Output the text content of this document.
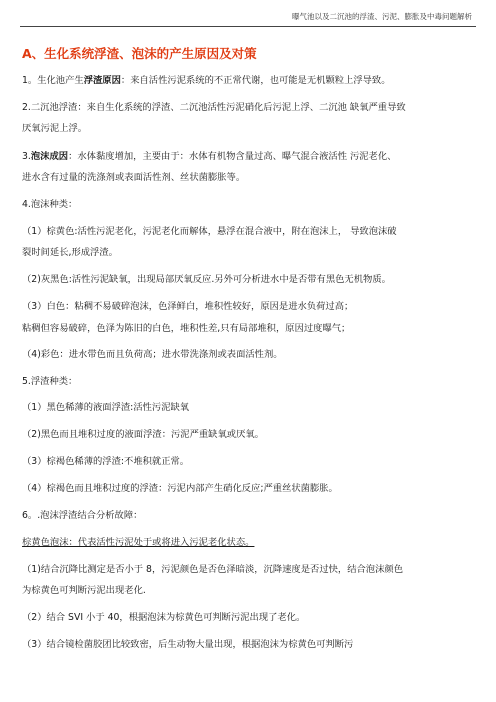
曝气池以及二沉池的浮渣、污泥、膨胀及中毒问题解析
A、生化系统浮渣、泡沫的产生原因及对策
1。生化池产生浮渣原因：来自活性污泥系统的不正常代谢，也可能是无机颗粒上浮导致。
2.二沉池浮渣：来自生化系统的浮渣、二沉池活性污泥硝化后污泥上浮、二沉池 缺氧严重导致
厌氧污泥上浮。
3.泡沫成因：水体黏度增加，主要由于：水体有机物含量过高、曝气混合液活性 污泥老化、
进水含有过量的洗涤剂或表面活性剂、丝状菌膨胀等。
4.泡沫种类：
（1）棕黄色:活性污泥老化，污泥老化而解体，悬浮在混合液中，附在泡沫上， 导致泡沫破
裂时间延长,形成浮渣。
（2)灰黑色:活性污泥缺氧，出现局部厌氧反应.另外可分析进水中是否带有黑色无机物质。
（3）白色：粘稠不易破碎泡沫，色泽鲜白，堆积性较好，原因是进水负荷过高；
粘稠但容易破碎，色泽为陈旧的白色，堆积性差,只有局部堆积，原因过度曝气；
（4)彩色：进水带色而且负荷高；进水带洗涤剂或表面活性剂。
5.浮渣种类：
（1）黑色稀薄的液面浮渣:活性污泥缺氧
（2)黑色而且堆积过度的液面浮渣：污泥严重缺氧或厌氧。
（3）棕褐色稀薄的浮渣:不堆积就正常。
（4）棕褐色而且堆积过度的浮渣：污泥内部产生硝化反应;严重丝状菌膨胀。
6。.泡沫浮渣结合分析故障：
棕黄色泡沫：代表活性污泥处于或将进入污泥老化状态。
（1)结合沉降比测定是否小于 8，污泥颜色是否色泽暗淡，沉降速度是否过快，结合泡沫颜色
为棕黄色可判断污泥出现老化.
（2）结合 SVI 小于 40，根据泡沫为棕黄色可判断污泥出现了老化。
（3）结合镜检菌胶团比较致密，后生动物大量出现，根据泡沫为棕黄色可判断污
